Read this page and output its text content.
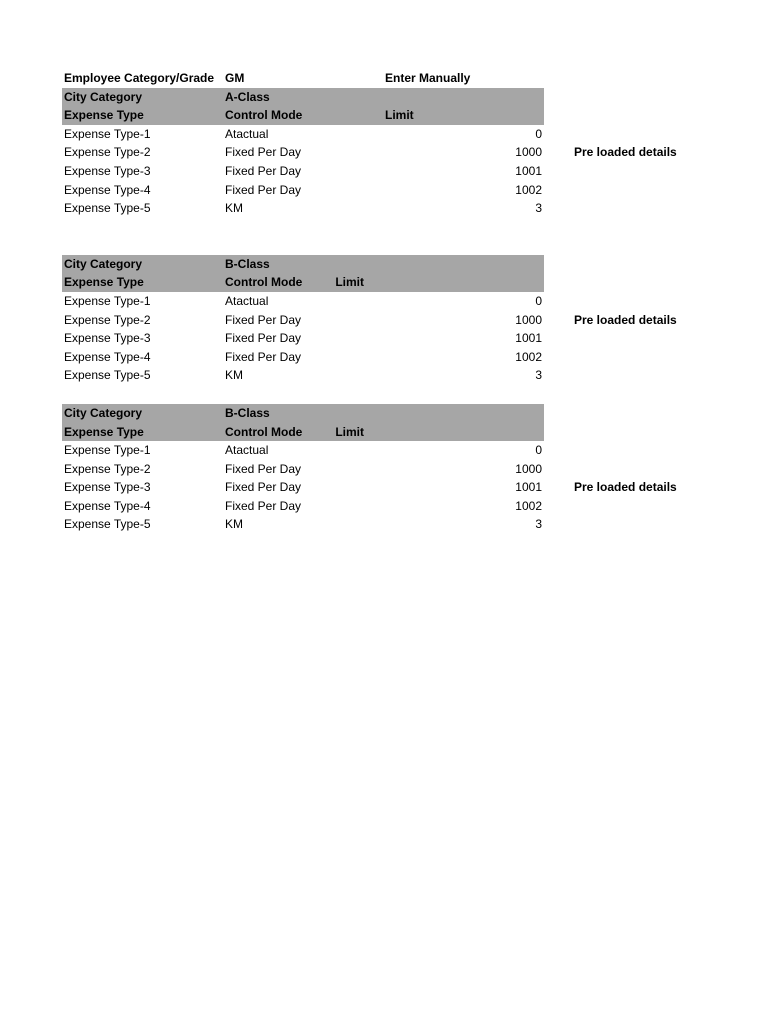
Employee Category/Grade GM	Enter Manually
City Category	A-Class
Expense Type	Control Mode	Limit
Expense Type-1	Atactual	0
Expense Type-2	Fixed Per Day	1000	Pre loaded details
Expense Type-3	Fixed Per Day	1001
Expense Type-4	Fixed Per Day	1002
Expense Type-5	KM	3
City Category	B-Class
Expense Type	Control Mode	Limit
Expense Type-1	Atactual	0
Expense Type-2	Fixed Per Day	1000	Pre loaded details
Expense Type-3	Fixed Per Day	1001
Expense Type-4	Fixed Per Day	1002
Expense Type-5	KM	3
City Category	B-Class
Expense Type	Control Mode	Limit
Expense Type-1	Atactual	0
Expense Type-2	Fixed Per Day	1000
Expense Type-3	Fixed Per Day	1001	Pre loaded details
Expense Type-4	Fixed Per Day	1002
Expense Type-5	KM	3
